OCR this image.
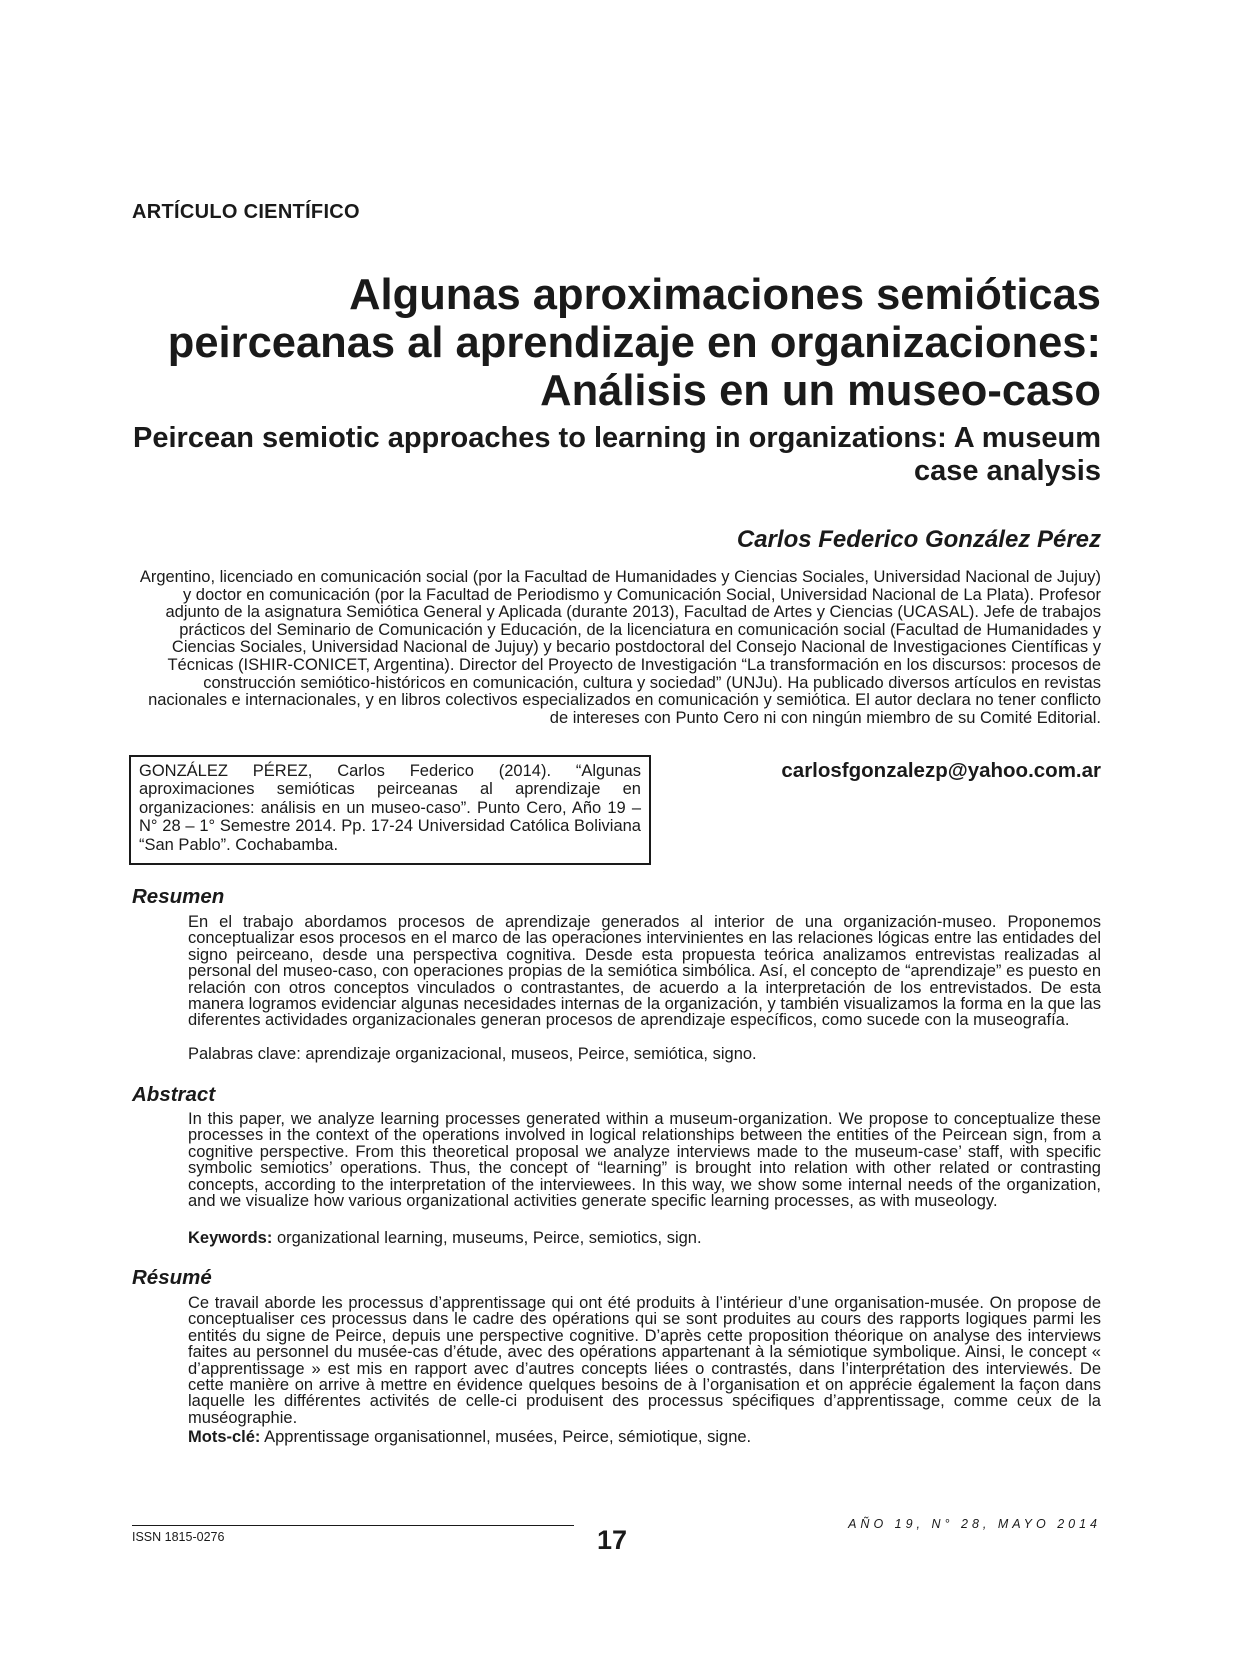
ARTÍCULO CIENTÍFICO
Algunas aproximaciones semióticas peirceanas al aprendizaje en organizaciones: Análisis en un museo-caso
Peircean semiotic approaches to learning in organizations: A museum case analysis
Carlos Federico González Pérez

Argentino, licenciado en comunicación social (por la Facultad de Humanidades y Ciencias Sociales, Universidad Nacional de Jujuy) y doctor en comunicación (por la Facultad de Periodismo y Comunicación Social, Universidad Nacional de La Plata). Profesor adjunto de la asignatura Semiótica General y Aplicada (durante 2013), Facultad de Artes y Ciencias (UCASAL). Jefe de trabajos prácticos del Seminario de Comunicación y Educación, de la licenciatura en comunicación social (Facultad de Humanidades y Ciencias Sociales, Universidad Nacional de Jujuy) y becario postdoctoral del Consejo Nacional de Investigaciones Científicas y Técnicas (ISHIR-CONICET, Argentina). Director del Proyecto de Investigación “La transformación en los discursos: procesos de construcción semiótico-históricos en comunicación, cultura y sociedad” (UNJu). Ha publicado diversos artículos en revistas nacionales e internacionales, y en libros colectivos especializados en comunicación y semiótica. El autor declara no tener conflicto de intereses con Punto Cero ni con ningún miembro de su Comité Editorial.

GONZÁLEZ PÉREZ, Carlos Federico (2014). “Algunas aproximaciones semióticas peirceanas al aprendizaje en organizaciones: análisis en un museo-caso”. Punto Cero, Año 19 – N° 28 – 1° Semestre 2014. Pp. 17-24 Universidad Católica Boliviana “San Pablo”. Cochabamba.
carlosfgonzalezp@yahoo.com.ar
Resumen

En el trabajo abordamos procesos de aprendizaje generados al interior de una organización-museo. Proponemos conceptualizar esos procesos en el marco de las operaciones intervinientes en las relaciones lógicas entre las entidades del signo peirceano, desde una perspectiva cognitiva. Desde esta propuesta teórica analizamos entrevistas realizadas al personal del museo-caso, con operaciones propias de la semiótica simbólica. Así, el concepto de “aprendizaje” es puesto en relación con otros conceptos vinculados o contrastantes, de acuerdo a la interpretación de los entrevistados. De esta manera logramos evidenciar algunas necesidades internas de la organización, y también visualizamos la forma en la que las diferentes actividades organizacionales generan procesos de aprendizaje específicos, como sucede con la museografía.

Palabras clave: aprendizaje organizacional, museos, Peirce, semiótica, signo.
Abstract

In this paper, we analyze learning processes generated within a museum-organization. We propose to conceptualize these processes in the context of the operations involved in logical relationships between the entities of the Peircean sign, from a cognitive perspective. From this theoretical proposal we analyze interviews made to the museum-case’ staff, with specific symbolic semiotics’ operations. Thus, the concept of “learning” is brought into relation with other related or contrasting concepts, according to the interpretation of the interviewees. In this way, we show some internal needs of the organization, and we visualize how various organizational activities generate specific learning processes, as with museology.

Keywords: organizational learning, museums, Peirce, semiotics, sign.
Résumé

Ce travail aborde les processus d’apprentissage qui ont été produits à l’intérieur d’une organisation-musée. On propose de conceptualiser ces processus dans le cadre des opérations qui se sont produites au cours des rapports logiques parmi les entités du signe de Peirce, depuis une perspective cognitive. D’après cette proposition théorique on analyse des interviews faites au personnel du musée-cas d’étude, avec des opérations appartenant à la sémiotique symbolique. Ainsi, le concept « d’apprentissage » est mis en rapport avec d’autres concepts liées o contrastés, dans l’interprétation des interviewés. De cette manière on arrive à mettre en évidence quelques besoins de à l’organisation et on apprécie également la façon dans laquelle les différentes activités de celle-ci produisent des processus spécifiques d’apprentissage, comme ceux de la muséographie.

Mots-clé: Apprentissage organisationnel, musées, Peirce, sémiotique, signe.
ISSN 1815-0276	17
AÑO 19, N° 28, MAYO 2014
